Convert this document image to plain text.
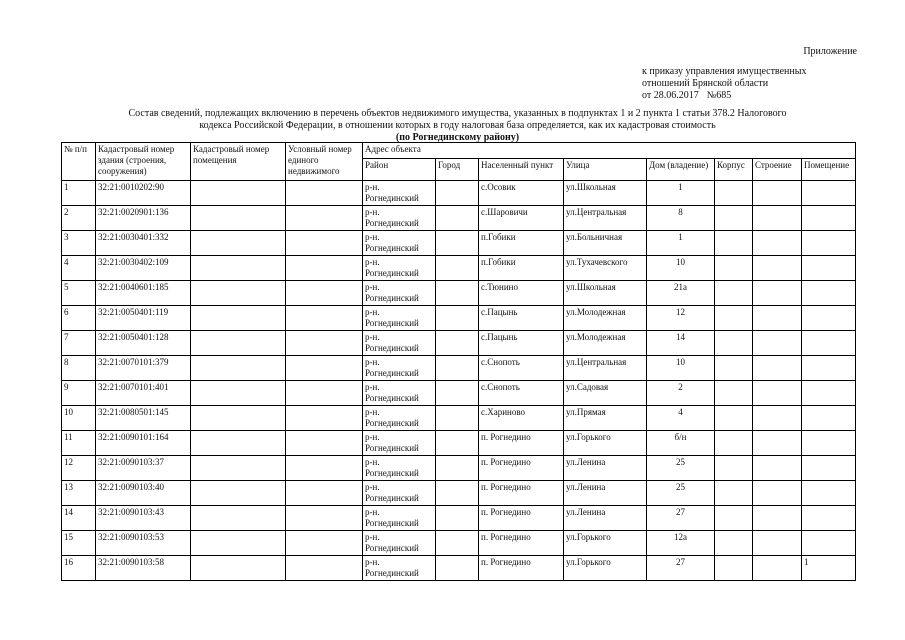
Приложение
к приказу управления имущественных
отношений Брянской области
от 28.06.2017 №685
Состав сведений, подлежащих включению в перечень объектов недвижимого имущества, указанных в подпунктах 1 и 2 пункта 1 статьи 378.2 Налогового
кодекса Российской Федерации, в отношении которых в году налоговая база определяется, как их кадастровая стоимость
(по Рогнединскому району)
№ п/п	Кадастровый номер здания (строения, сооружения)	Кадастровый номер помещения	Условный номер единого недвижимого	Адрес объекта							
				Район	Город	Населенный пункт	Улица	Дом (владение)	Корпус	Строение	Помещение
1	32:21:0010202:90			р-н. Рогнединский		с.Осовик	ул.Школьная	1			
2	32:21:0020901:136			р-н. Рогнединский		с.Шаровичи	ул.Центральная	8			
3	32:21:0030401:332			р-н. Рогнединский		п.Гобики	ул.Больничная	1			
4	32:21:0030402:109			р-н. Рогнединский		п.Гобики	ул.Тухачевского	10			
5	32:21:0040601:185			р-н. Рогнединский		с.Тюнино	ул.Школьная	21а			
6	32:21:0050401:119			р-н. Рогнединский		с.Пацынь	ул.Молодежная	12			
7	32:21:0050401:128			р-н. Рогнединский		с.Пацынь	ул.Молодежная	14			
8	32:21:0070101:379			р-н. Рогнединский		с.Снопоть	ул.Центральная	10			
9	32:21:0070101:401			р-н. Рогнединский		с.Снопоть	ул.Садовая	2			
10	32:21:0080501:145			р-н. Рогнединский		с.Хариново	ул.Прямая	4			
11	32:21:0090101:164			р-н. Рогнединский		п. Рогнедино	ул.Горького	б/н			
12	32:21:0090103:37			р-н. Рогнединский		п. Рогнедино	ул.Ленина	25			
13	32:21:0090103:40			р-н. Рогнединский		п. Рогнедино	ул.Ленина	25			
14	32:21:0090103:43			р-н. Рогнединский		п. Рогнедино	ул.Ленина	27			
15	32:21:0090103:53			р-н. Рогнединский		п. Рогнедино	ул.Горького	12а			
16	32:21:0090103:58			р-н. Рогнединский		п. Рогнедино	ул.Горького	27			1
